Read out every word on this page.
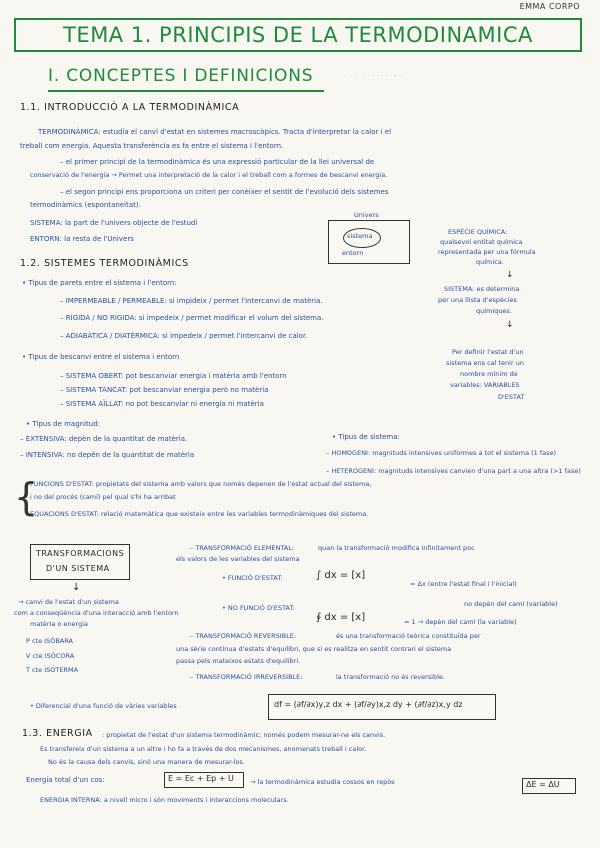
EMMA CORPO
TEMA 1. PRINCIPIS DE LA TERMODINAMICA
I. CONCEPTES I DEFINICIONS	· · · · · · · · · · · ·
1.1. INTRODUCCIÓ A LA TERMODINÀMICA
TERMODINÀMICA: estudia el canvi d'estat en sistemes macroscòpics. Tracta d'interpretar la calor i el
treball com energia. Aquesta transferència es fa entre el sistema i l'entorn.
– el primer principi de la termodinàmica és una expressió particular de la llei universal de
conservació de l'energia → Permet una interpretació de la calor i el treball com a formes de bescanvi energia.
– el segon principi ens proporciona un criteri per conèixer el sentit de l'evolució dels sistemes
termodinàmics (espontaneïtat).
SISTEMA: la part de l'univers objecte de l'estudi
ENTORN: la resta de l'Univers
Univers
sistema
entorn
ESPÈCIE QUÍMICA:
qualsevol entitat química
representada per una fórmula
química.
↓
SISTEMA: es determina
per una llista d'espècies
químiques.
↓
Per definir l'estat d'un
sistema ens cal tenir un
nombre mínim de
variables: VARIABLES
D'ESTAT
1.2. SISTEMES TERMODINÀMICS
• Tipus de parets entre el sistema i l'entorn:
– IMPERMEABLE / PERMEABLE: si impideix / permet l'intercanvi de matèria.
– RÍGIDA / NO RÍGIDA: si impedeix / permet modificar el volum del sistema.
– ADIABÀTICA / DIATÈRMICA: si impedeix / permet l'intercanvi de calor.
• Tipus de bescanvi entre el sistema i entorn
– SISTEMA OBERT: pot bescanviar energia i matèria amb l'entorn
– SISTEMA TANCAT: pot bescanviar energia però no matèria
– SISTEMA AÏLLAT: no pot bescanviar ni energia ni matèria
• Tipus de magnitud:
– EXTENSIVA: depèn de la quantitat de matèria.
– INTENSIVA: no depèn de la quantitat de matèria
• Tipus de sistema:
– HOMOGENI: magnituds intensives uniformes a tot el sistema (1 fase)
– HETEROGENI: magnituds intensives canvien d'una part a una altra (>1 fase)
{
FUNCIONS D'ESTAT: propietats del sistema amb valors que només depenen de l'estat actual del sistema,
i no del procés (camí) pel qual s'hi ha arribat
EQUACIONS D'ESTAT: relació matemàtica que existeix entre les variables termodinàmiques del sistema.
TRANSFORMACIONS
D'UN SISTEMA
↓
→ canvi de l'estat d'un sistema
com a conseqüència d'una interacció amb l'entorn
matèria o energia
P cte ISÒBARA
V cte ISÒCORA
T cte ISOTERMA
– TRANSFORMACIÓ ELEMENTAL:	quan la transformació modifica infinitament poc
els valors de les variables del sistema
• FUNCIÓ D'ESTAT:	∫ dx = [x]
= Δx (entre l'estat final i l'inicial)
no depèn del camí (variable)
• NO FUNCIÓ D'ESTAT:
∮ dx = [x]	= 1 → depèn del camí (la variable)
– TRANSFORMACIÓ REVERSIBLE:	és una transformació teòrica constituïda per
una sèrie contínua d'estats d'equilibri, que si es realitza en sentit contrari el sistema
passa pels mateixos estats d'equilibri.
– TRANSFORMACIÓ IRREVERSIBLE:	la transformació no és reversible.
• Diferencial d'una funció de vàries variables	df = (∂f/∂x)y,z dx + (∂f/∂y)x,z dy + (∂f/∂z)x,y dz
1.3. ENERGIA : propietat de l'estat d'un sistema termodinàmic; només podem mesurar-ne els canvis.
Es transfereix d'un sistema a un altre i ho fa a través de dos mecanismes, anomenats treball i calor.
No és la causa dels canvis, sinó una manera de mesurar-los.
Energia total d'un cos:	E = Ec + Ep + U → la termodinàmica estudia cossos en repòs	ΔE = ΔU
ENERGIA INTERNA: a nivell micro i són moviments i interaccions moleculars.
